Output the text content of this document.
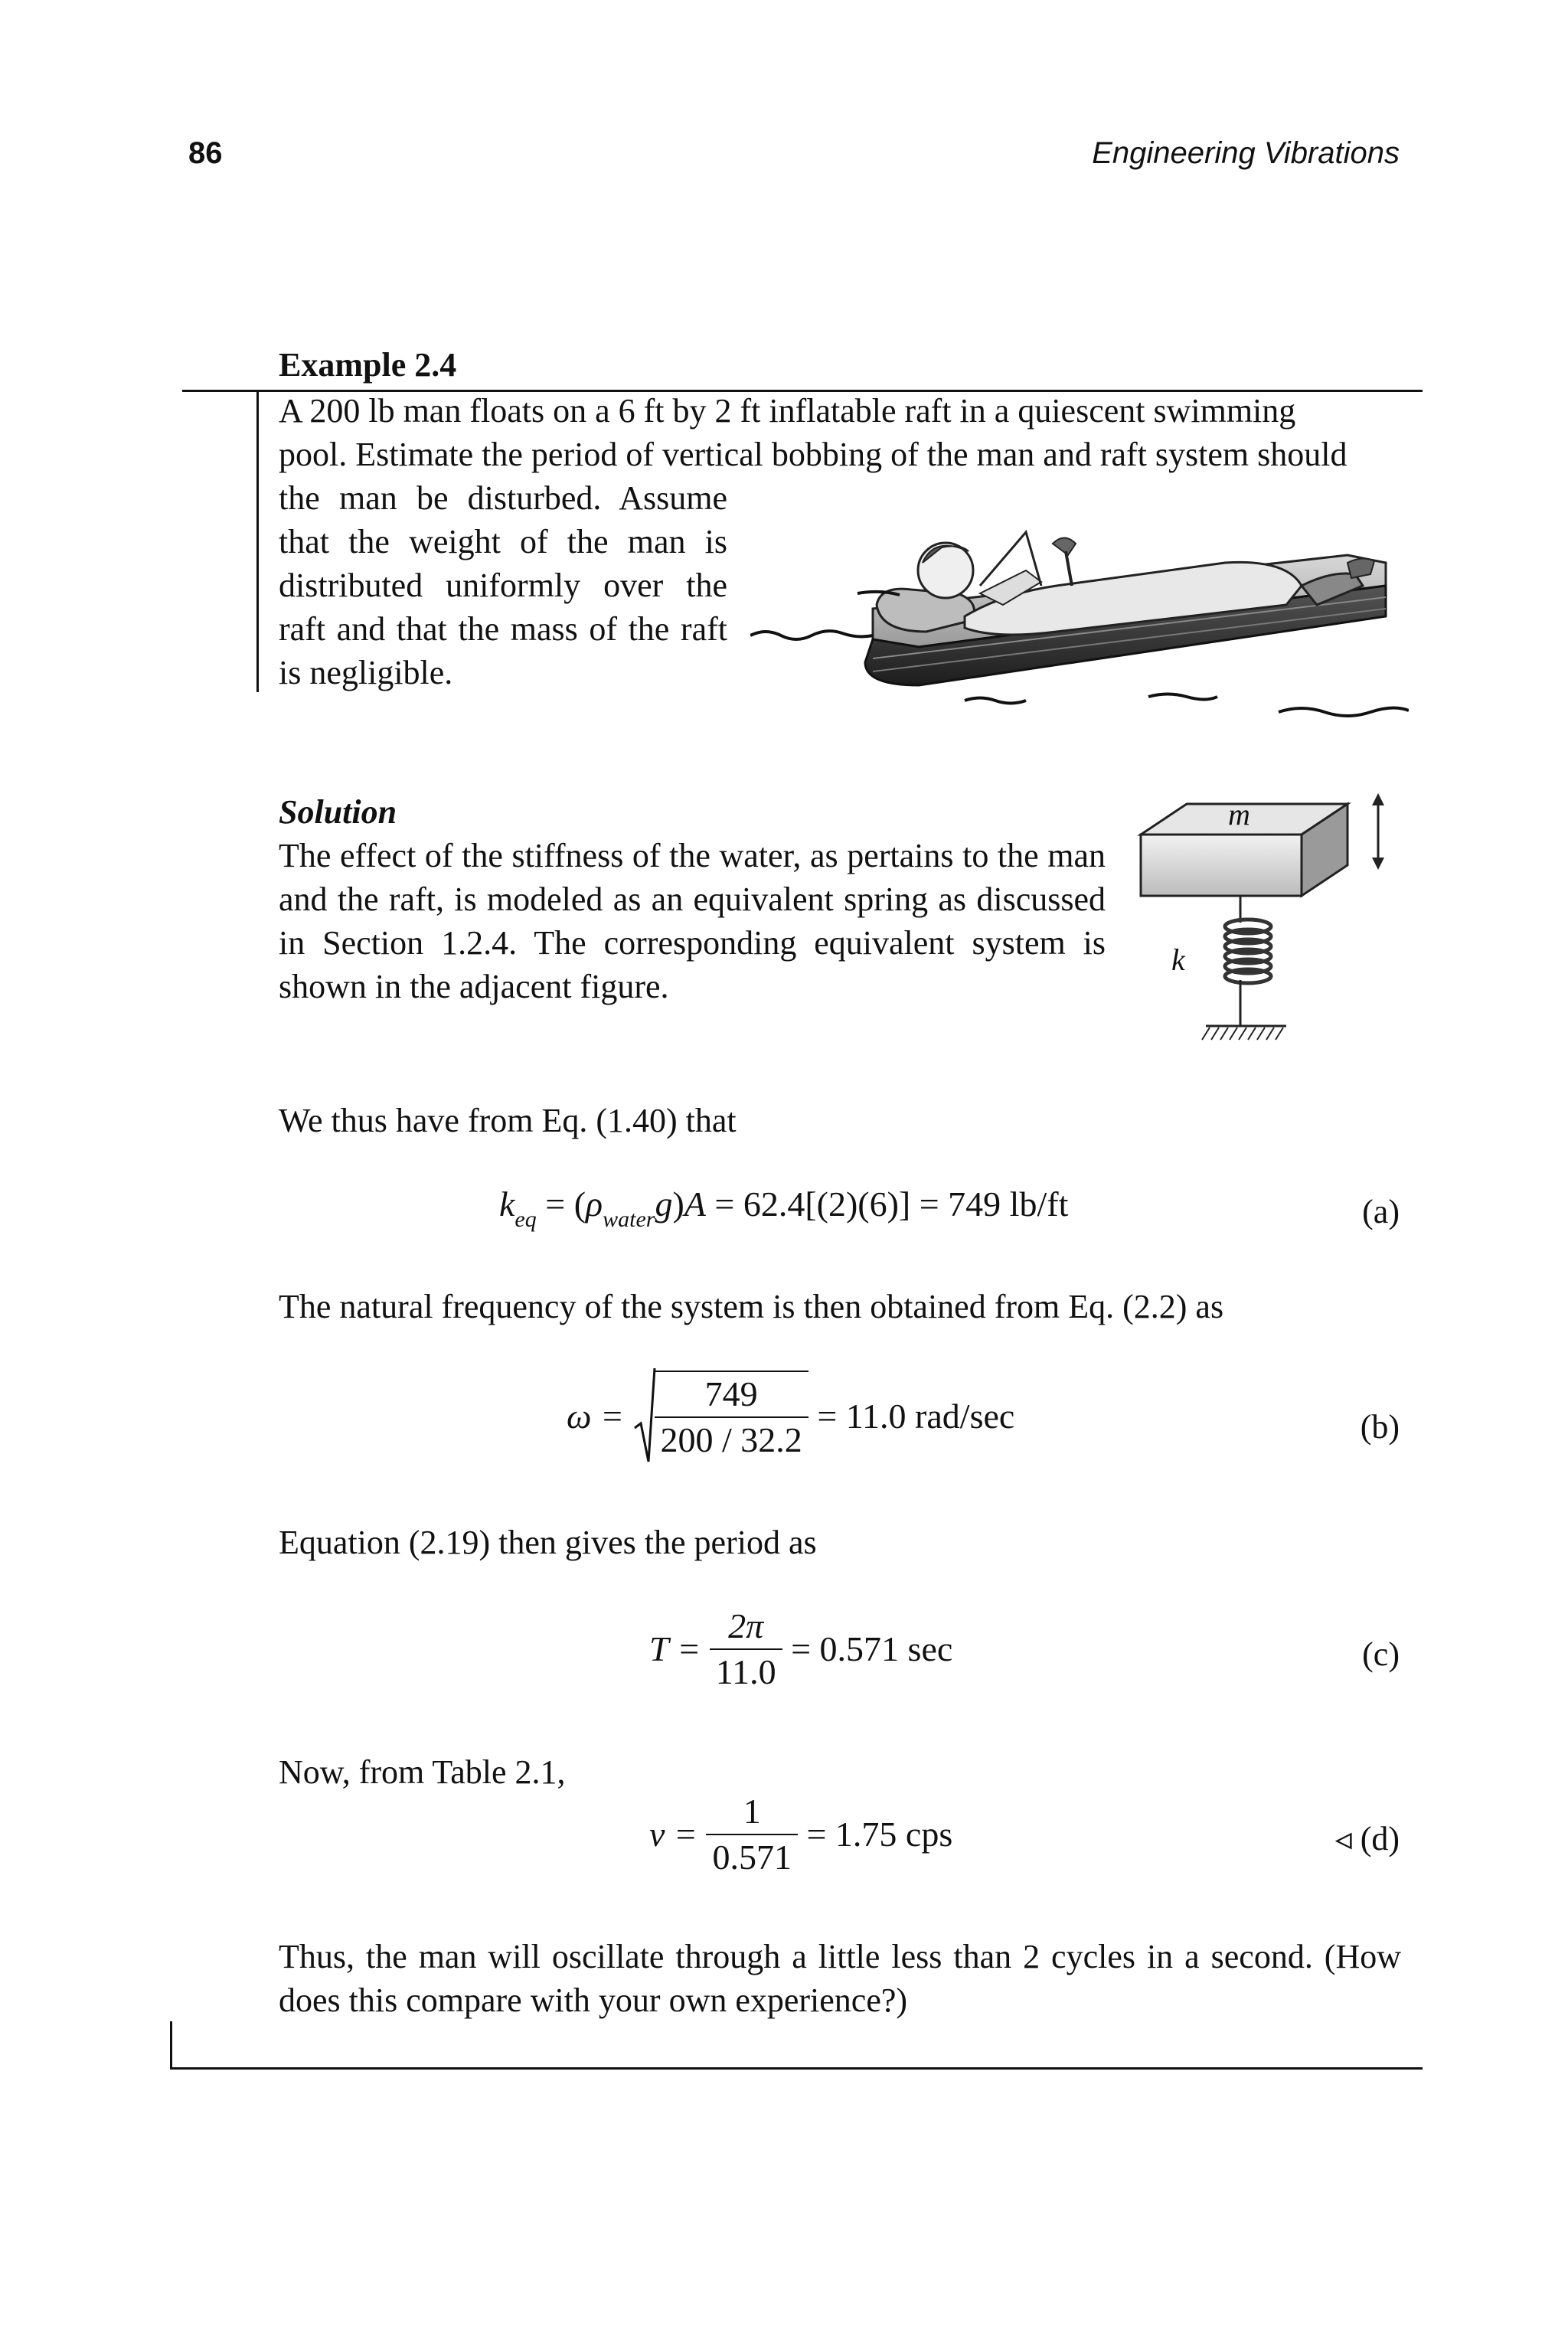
86	Engineering Vibrations
Example 2.4
A 200 lb man floats on a 6 ft by 2 ft inflatable raft in a quiescent swimming
pool. Estimate the period of vertical bobbing of the man and raft system should
the man be disturbed. Assume that the weight of the man is distributed uniformly over the raft and that the mass of the raft is negligible.
Solution
The effect of the stiffness of the water, as pertains to the man and the raft, is modeled as an equivalent spring as discussed in Section 1.2.4. The corresponding equivalent system is shown in the adjacent figure.
m
k
We thus have from Eq. (1.40) that
$k_{eq} = (\rho_{water}g)A = 62.4[(2)(6)] = 749$ lb/ft	(a)
The natural frequency of the system is then obtained from Eq. (2.2) as
$\omega = \frac{749}{200 / 32.2} = 11.0$ rad/sec	(b)
Equation (2.19) then gives the period as
$T = \frac{2\pi}{11.0} = 0.571$ sec	(c)
Now, from Table 2.1,
$\nu = \frac{1}{0.571} = 1.75$ cps	◃ (d)
Thus, the man will oscillate through a little less than 2 cycles in a second. (How does this compare with your own experience?)
